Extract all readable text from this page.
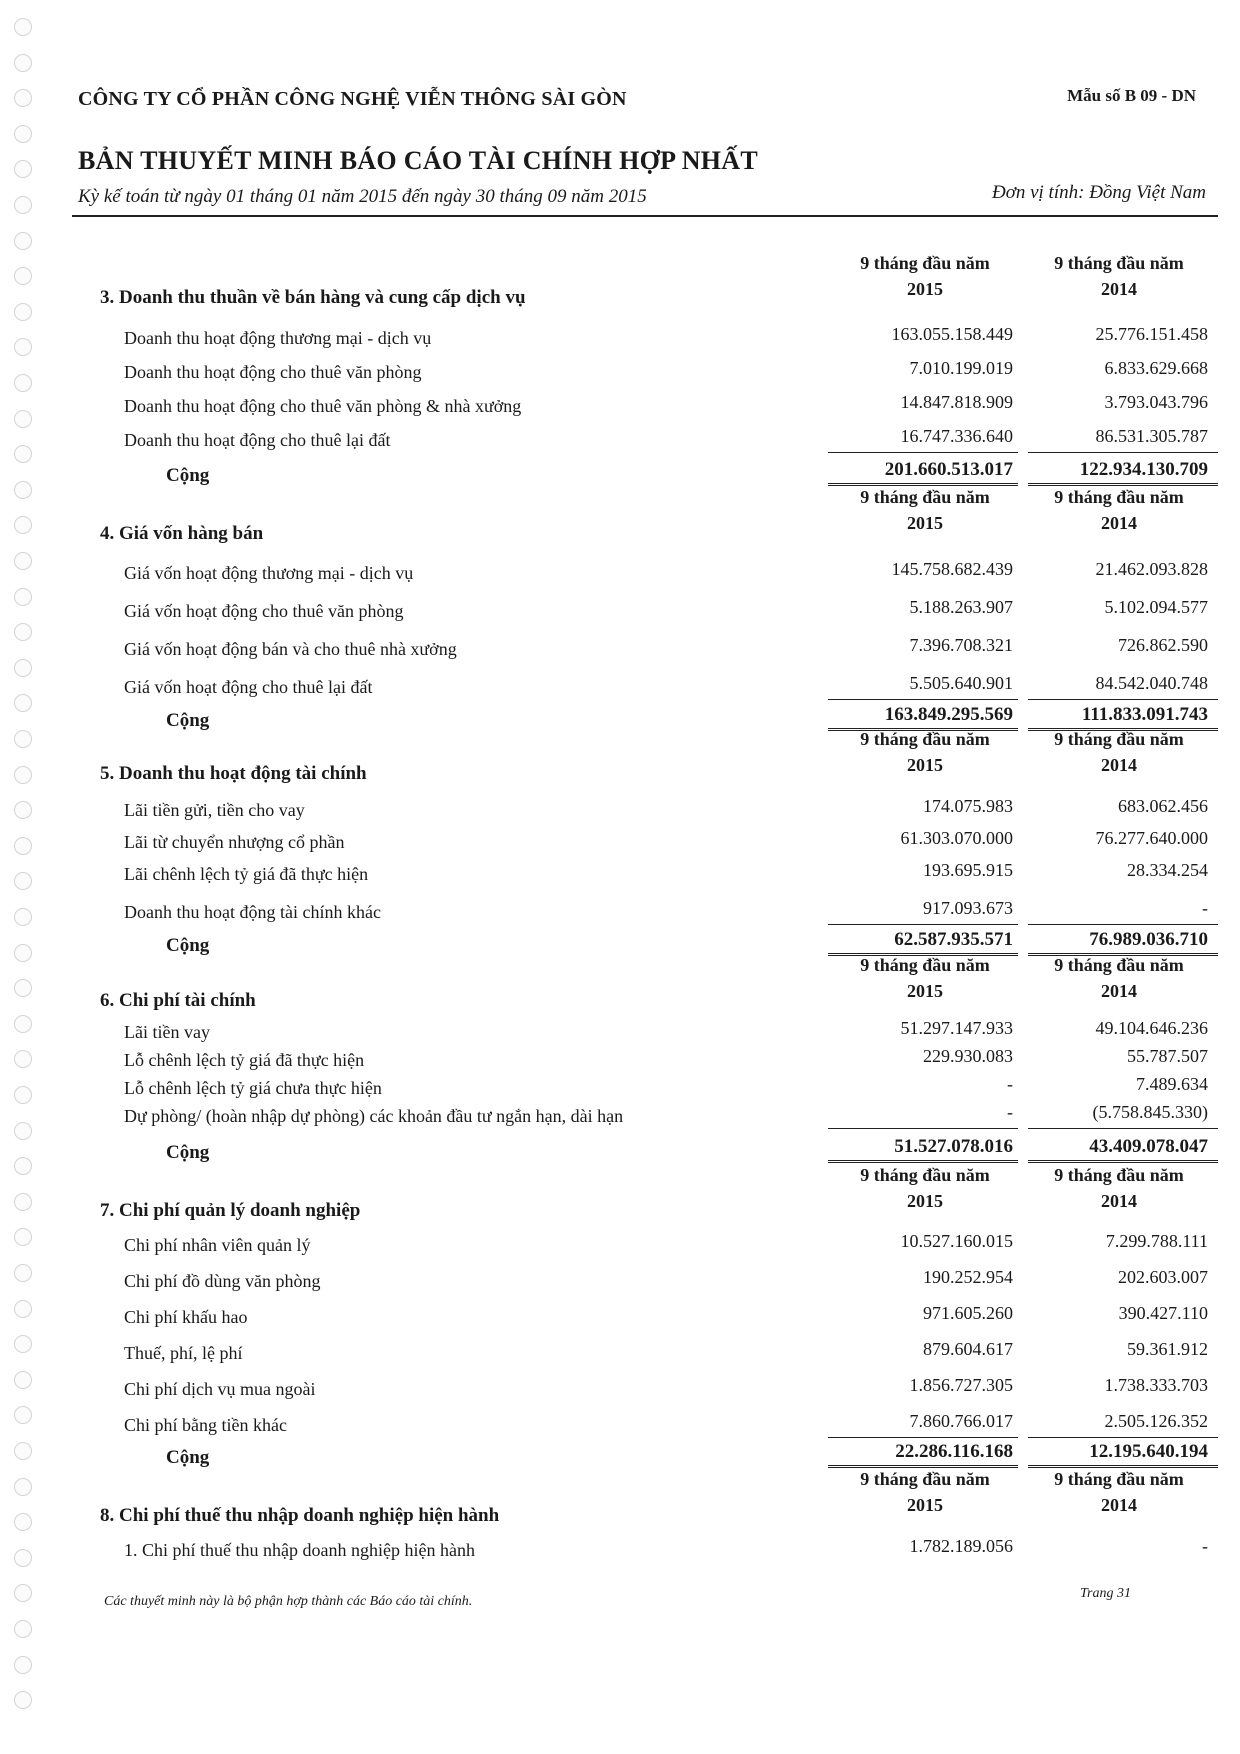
CÔNG TY CỔ PHẦN CÔNG NGHỆ VIỄN THÔNG SÀI GÒN	Mẫu số B 09 - DN
BẢN THUYẾT MINH BÁO CÁO TÀI CHÍNH HỢP NHẤT
Kỳ kế toán từ ngày 01 tháng 01 năm 2015 đến ngày 30 tháng 09 năm 2015	Đơn vị tính: Đồng Việt Nam
9 tháng đầu năm
2015
9 tháng đầu năm
2014
3. Doanh thu thuần về bán hàng và cung cấp dịch vụ
Doanh thu hoạt động thương mại - dịch vụ	163.055.158.449	25.776.151.458
Doanh thu hoạt động cho thuê văn phòng	7.010.199.019	6.833.629.668
Doanh thu hoạt động cho thuê văn phòng & nhà xưởng	14.847.818.909	3.793.043.796
Doanh thu hoạt động cho thuê lại đất	16.747.336.640	86.531.305.787
Cộng	201.660.513.017	122.934.130.709
9 tháng đầu năm
2015
9 tháng đầu năm
2014
4. Giá vốn hàng bán
Giá vốn hoạt động thương mại - dịch vụ	145.758.682.439	21.462.093.828
Giá vốn hoạt động cho thuê văn phòng	5.188.263.907	5.102.094.577
Giá vốn hoạt động bán và cho thuê nhà xưởng	7.396.708.321	726.862.590
Giá vốn hoạt động cho thuê lại đất	5.505.640.901	84.542.040.748
Cộng	163.849.295.569	111.833.091.743
9 tháng đầu năm
2015
9 tháng đầu năm
2014
5. Doanh thu hoạt động tài chính
Lãi tiền gửi, tiền cho vay	174.075.983	683.062.456
Lãi từ chuyển nhượng cổ phần	61.303.070.000	76.277.640.000
Lãi chênh lệch tỷ giá đã thực hiện	193.695.915	28.334.254
Doanh thu hoạt động tài chính khác	917.093.673	-
Cộng	62.587.935.571	76.989.036.710
9 tháng đầu năm
2015
9 tháng đầu năm
2014
6. Chi phí tài chính
Lãi tiền vay	51.297.147.933	49.104.646.236
Lỗ chênh lệch tỷ giá đã thực hiện	229.930.083	55.787.507
Lỗ chênh lệch tỷ giá chưa thực hiện	-	7.489.634
Dự phòng/ (hoàn nhập dự phòng) các khoản đầu tư ngắn hạn, dài hạn	-	(5.758.845.330)
Cộng	51.527.078.016	43.409.078.047
9 tháng đầu năm
2015
9 tháng đầu năm
2014
7. Chi phí quản lý doanh nghiệp
Chi phí nhân viên quản lý	10.527.160.015	7.299.788.111
Chi phí đồ dùng văn phòng	190.252.954	202.603.007
Chi phí khấu hao	971.605.260	390.427.110
Thuế, phí, lệ phí	879.604.617	59.361.912
Chi phí dịch vụ mua ngoài	1.856.727.305	1.738.333.703
Chi phí bằng tiền khác	7.860.766.017	2.505.126.352
Cộng	22.286.116.168	12.195.640.194
9 tháng đầu năm
2015
9 tháng đầu năm
2014
8. Chi phí thuế thu nhập doanh nghiệp hiện hành
1. Chi phí thuế thu nhập doanh nghiệp hiện hành	1.782.189.056	-
Các thuyết minh này là bộ phận hợp thành các Báo cáo tài chính.
Trang 31
